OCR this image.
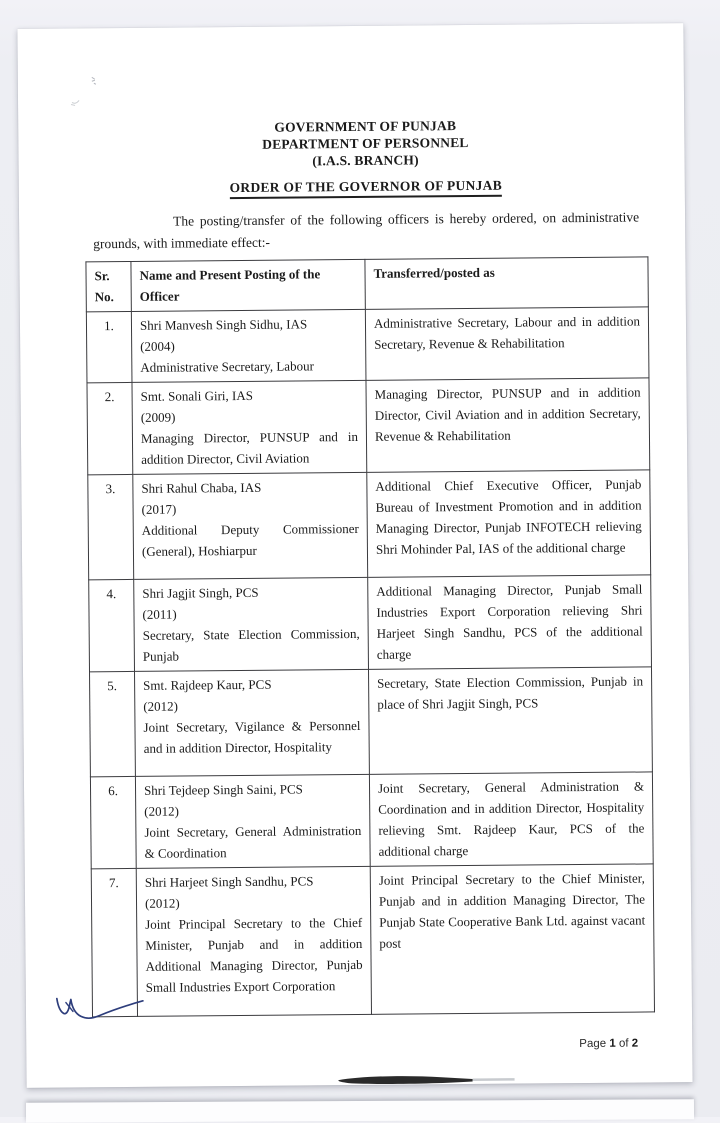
GOVERNMENT OF PUNJAB
DEPARTMENT OF PERSONNEL
(I.A.S. BRANCH)
ORDER OF THE GOVERNOR OF PUNJAB

The posting/transfer of the following officers is hereby ordered, on administrative grounds, with immediate effect:-

Sr. No.	Name and Present Posting of the Officer	Transferred/posted as
1.	Shri Manvesh Singh Sidhu, IAS
(2004)
Administrative Secretary, Labour	Administrative Secretary, Labour and in addition Secretary, Revenue & Rehabilitation
2.	Smt. Sonali Giri, IAS
(2009)
Managing Director, PUNSUP and in addition Director, Civil Aviation	Managing Director, PUNSUP and in addition Director, Civil Aviation and in addition Secretary, Revenue & Rehabilitation
3.	Shri Rahul Chaba, IAS
(2017)
Additional Deputy Commissioner (General), Hoshiarpur	Additional Chief Executive Officer, Punjab Bureau of Investment Promotion and in addition Managing Director, Punjab INFOTECH relieving Shri Mohinder Pal, IAS of the additional charge
4.	Shri Jagjit Singh, PCS
(2011)
Secretary, State Election Commission, Punjab	Additional Managing Director, Punjab Small Industries Export Corporation relieving Shri Harjeet Singh Sandhu, PCS of the additional charge
5.	Smt. Rajdeep Kaur, PCS
(2012)
Joint Secretary, Vigilance & Personnel and in addition Director, Hospitality	Secretary, State Election Commission, Punjab in place of Shri Jagjit Singh, PCS
6.	Shri Tejdeep Singh Saini, PCS
(2012)
Joint Secretary, General Administration & Coordination	Joint Secretary, General Administration & Coordination and in addition Director, Hospitality relieving Smt. Rajdeep Kaur, PCS of the additional charge
7.	Shri Harjeet Singh Sandhu, PCS
(2012)
Joint Principal Secretary to the Chief Minister, Punjab and in addition Additional Managing Director, Punjab Small Industries Export Corporation	Joint Principal Secretary to the Chief Minister, Punjab and in addition Managing Director, The Punjab State Cooperative Bank Ltd. against vacant post
Page 1 of 2
